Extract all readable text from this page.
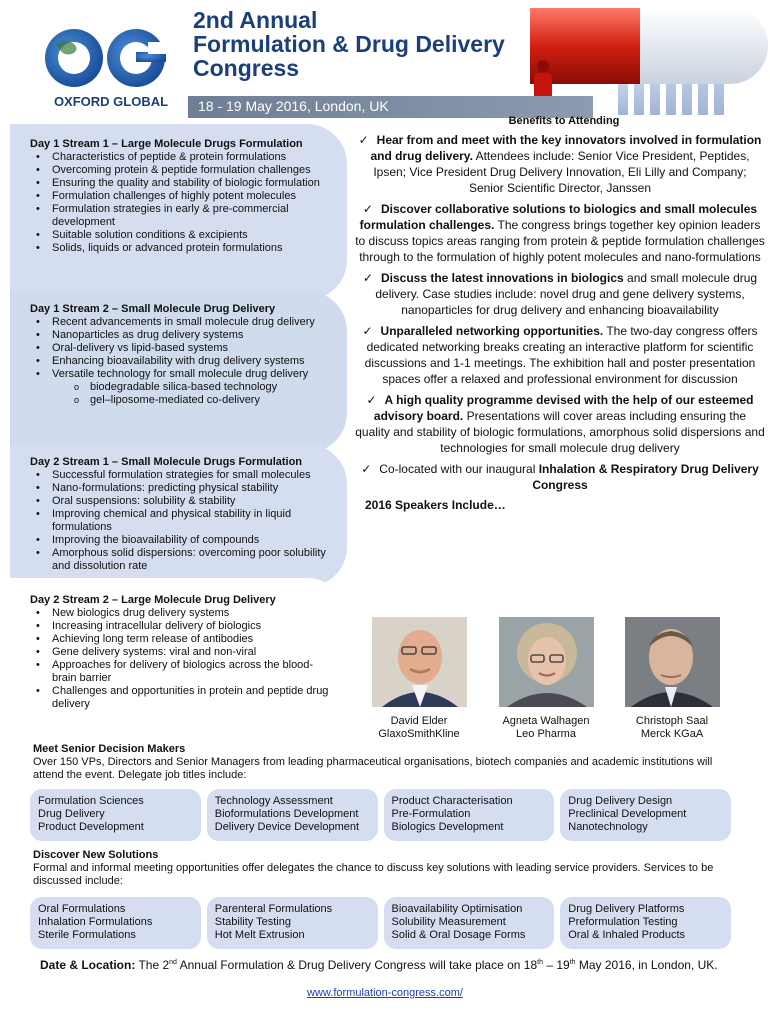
OXFORD GLOBAL
2nd Annual
Formulation & Drug Delivery
Congress
18 - 19 May 2016, London, UK
Day 1 Stream 1 – Large Molecule Drugs Formulation
• Characteristics of peptide & protein formulations
• Overcoming protein & peptide formulation challenges
• Ensuring the quality and stability of biologic formulation
• Formulation challenges of highly potent molecules
• Formulation strategies in early & pre-commercial development
• Suitable solution conditions & excipients
• Solids, liquids or advanced protein formulations
Day 1 Stream 2 – Small Molecule Drug Delivery
• Recent advancements in small molecule drug delivery
• Nanoparticles as drug delivery systems
• Oral-delivery vs lipid-based systems
• Enhancing bioavailability with drug delivery systems
• Versatile technology for small molecule drug delivery
o biodegradable silica-based technology
o gel–liposome-mediated co-delivery
Day 2 Stream 1 – Small Molecule Drugs Formulation
• Successful formulation strategies for small molecules
• Nano-formulations: predicting physical stability
• Oral suspensions: solubility & stability
• Improving chemical and physical stability in liquid formulations
• Improving the bioavailability of compounds
• Amorphous solid dispersions: overcoming poor solubility and dissolution rate
Day 2 Stream 2 – Large Molecule Drug Delivery
• New biologics drug delivery systems
• Increasing intracellular delivery of biologics
• Achieving long term release of antibodies
• Gene delivery systems: viral and non-viral
• Approaches for delivery of biologics across the blood-brain barrier
• Challenges and opportunities in protein and peptide drug delivery
Benefits to Attending
✓ Hear from and meet with the key innovators involved in formulation and drug delivery. Attendees include: Senior Vice President, Peptides, Ipsen; Vice President Drug Delivery Innovation, Eli Lilly and Company; Senior Scientific Director, Janssen
✓ Discover collaborative solutions to biologics and small molecules formulation challenges. The congress brings together key opinion leaders to discuss topics areas ranging from protein & peptide formulation challenges through to the formulation of highly potent molecules and nano-formulations
✓ Discuss the latest innovations in biologics and small molecule drug delivery. Case studies include: novel drug and gene delivery systems, nanoparticles for drug delivery and enhancing bioavailability
✓ Unparalleled networking opportunities. The two-day congress offers dedicated networking breaks creating an interactive platform for scientific discussions and 1-1 meetings. The exhibition hall and poster presentation spaces offer a relaxed and professional environment for discussion
✓ A high quality programme devised with the help of our esteemed advisory board. Presentations will cover areas including ensuring the quality and stability of biologic formulations, amorphous solid dispersions and technologies for small molecule drug delivery
✓ Co-located with our inaugural Inhalation & Respiratory Drug Delivery Congress
2016 Speakers Include…
David Elder
GlaxoSmithKline
Agneta Walhagen
Leo Pharma
Christoph Saal
Merck KGaA
Meet Senior Decision Makers

Over 150 VPs, Directors and Senior Managers from leading pharmaceutical organisations, biotech companies and academic institutions will attend the event. Delegate job titles include:

Formulation Sciences
Drug Delivery
Product Development
Technology Assessment
Bioformulations Development
Delivery Device Development
Product Characterisation
Pre-Formulation
Biologics Development
Drug Delivery Design
Preclinical Development
Nanotechnology
Discover New Solutions

Formal and informal meeting opportunities offer delegates the chance to discuss key solutions with leading service providers. Services to be discussed include:

Oral Formulations
Inhalation Formulations
Sterile Formulations
Parenteral Formulations
Stability Testing
Hot Melt Extrusion
Bioavailability Optimisation
Solubility Measurement
Solid & Oral Dosage Forms
Drug Delivery Platforms
Preformulation Testing
Oral & Inhaled Products
Date & Location: The 2nd Annual Formulation & Drug Delivery Congress will take place on 18th – 19th May 2016, in London, UK.
www.formulation-congress.com/
